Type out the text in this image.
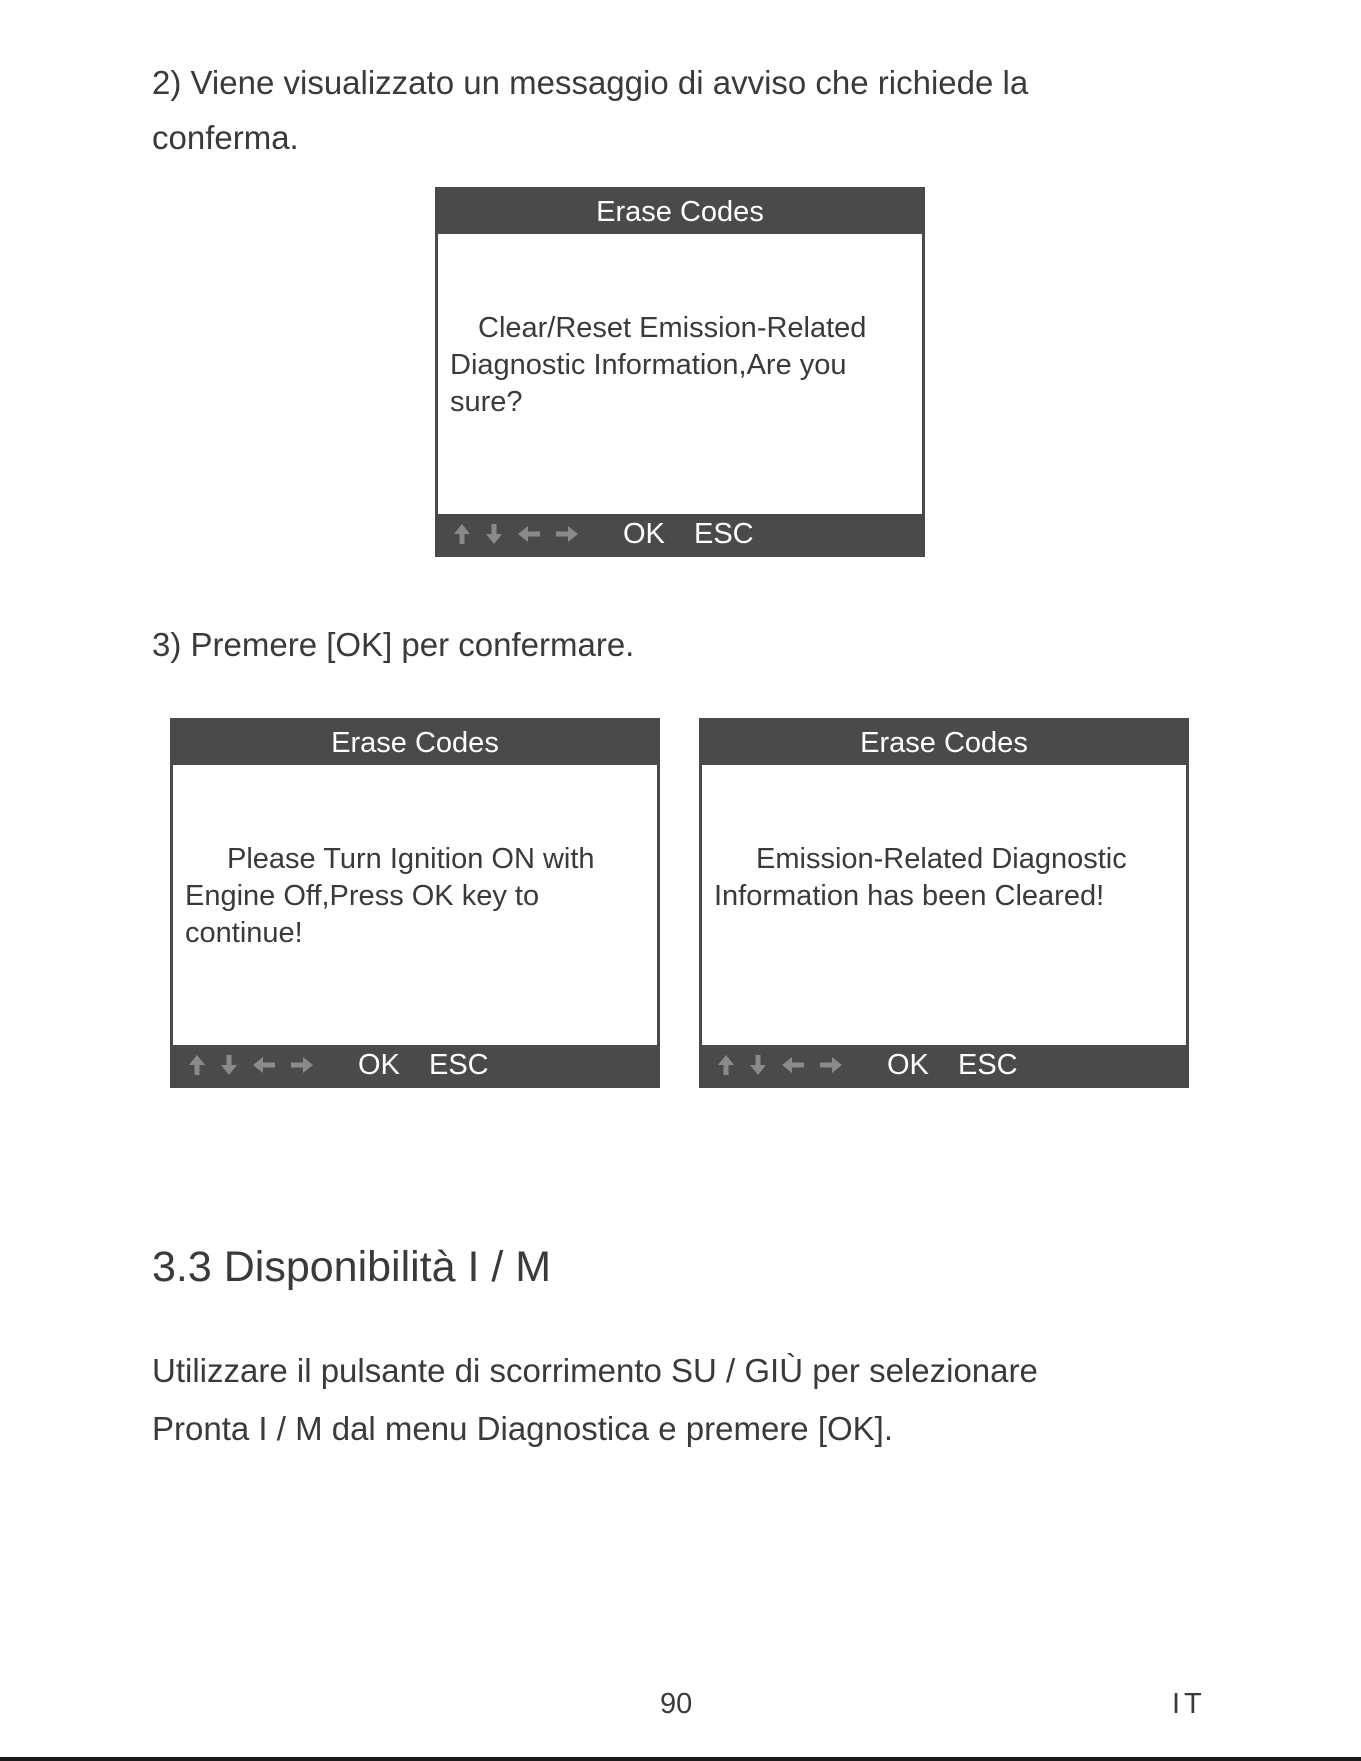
2) Viene visualizzato un messaggio di avviso che richiede la
conferma.

Erase Codes
Clear/Reset Emission-Related Diagnostic Information,Are you sure?
OK ESC

3) Premere [OK] per confermare.

Erase Codes
Please Turn Ignition ON with Engine Off,Press OK key to continue!
OK ESC
Erase Codes
Emission-Related Diagnostic Information has been Cleared!
OK ESC
3.3 Disponibilità I / M

Utilizzare il pulsante di scorrimento SU / GIÙ per selezionare
Pronta I / M dal menu Diagnostica e premere [OK].

90	IT
